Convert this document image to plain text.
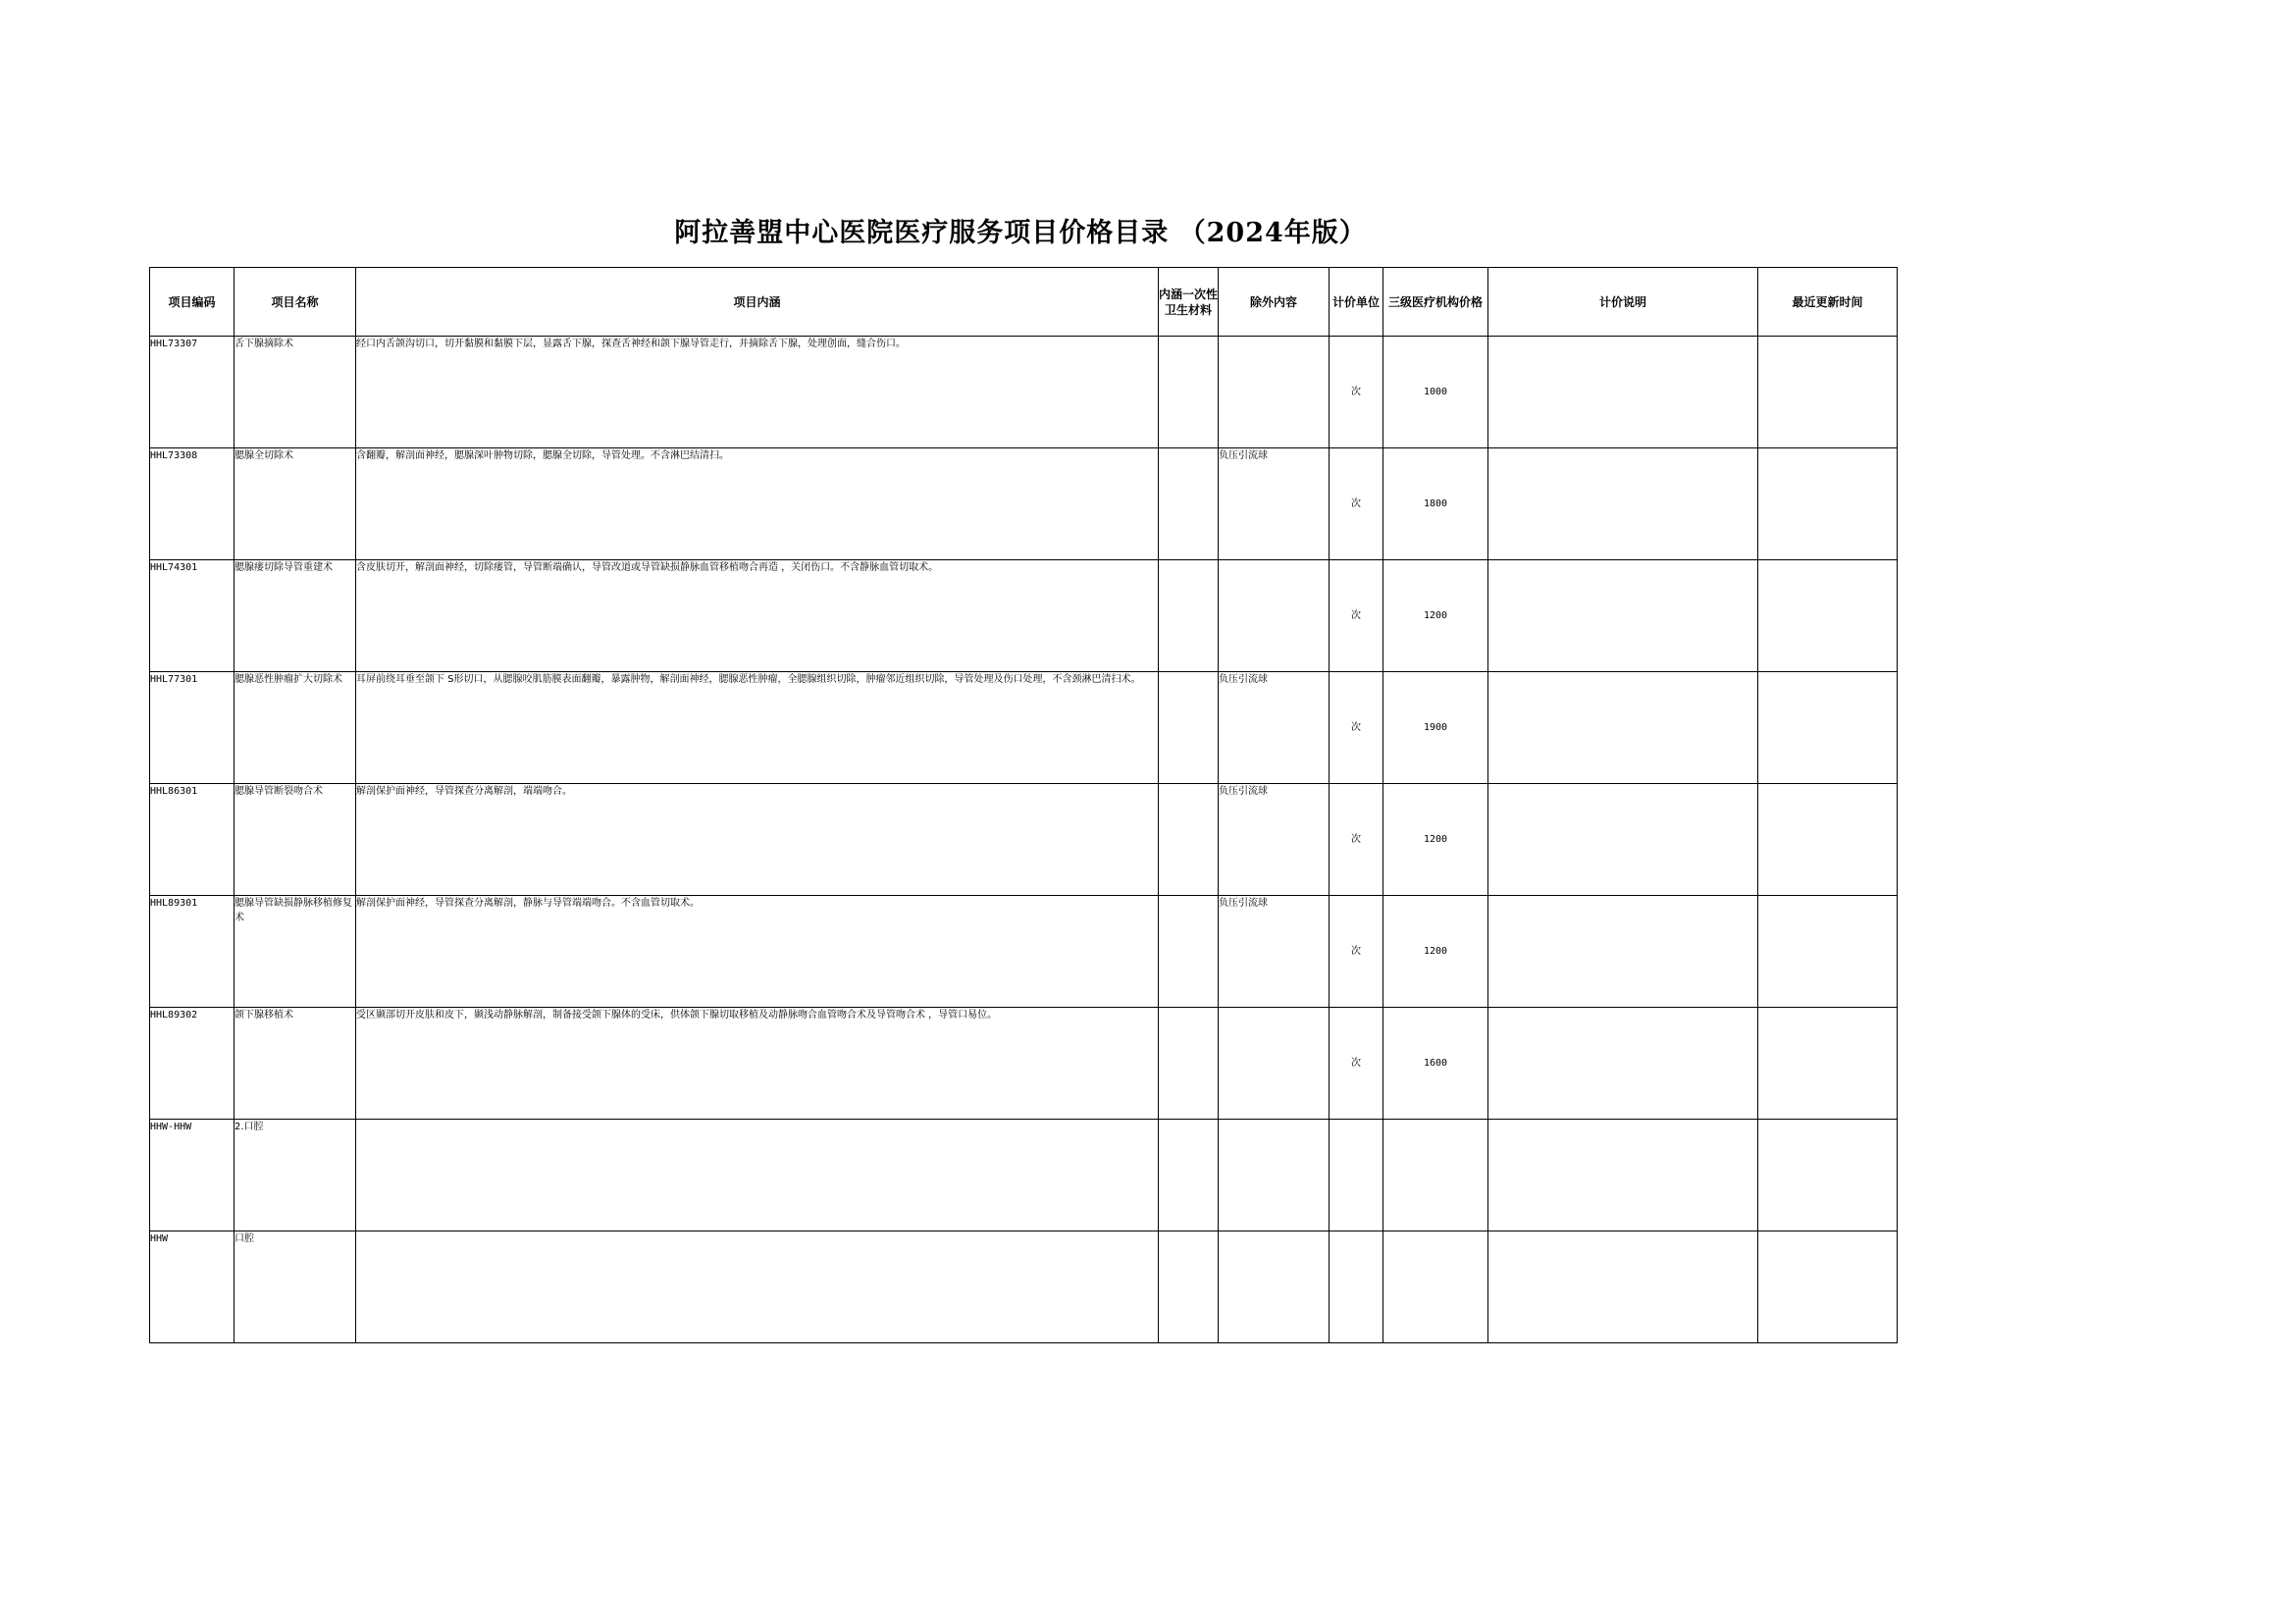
阿拉善盟中心医院医疗服务项目价格目录 （2024年版）
项目编码	项目名称	项目内涵	内涵一次性卫生材料	除外内容	计价单位	三级医疗机构价格	计价说明	最近更新时间
HHL73307	舌下腺摘除术	经口内舌颌沟切口，切开黏膜和黏膜下层，显露舌下腺，探查舌神经和颌下腺导管走行，并摘除舌下腺，处理创面，缝合伤口。			次	1000		
HHL73308	腮腺全切除术	含翻瓣，解剖面神经，腮腺深叶肿物切除，腮腺全切除，导管处理。不含淋巴结清扫。		负压引流球	次	1800		
HHL74301	腮腺瘘切除导管重建术	含皮肤切开，解剖面神经，切除瘘管，导管断端确认，导管改道或导管缺损静脉血管移植吻合再造 ，关闭伤口。不含静脉血管切取术。			次	1200		
HHL77301	腮腺恶性肿瘤扩大切除术	耳屏前绕耳垂至颌下 S形切口，从腮腺咬肌筋膜表面翻瓣，暴露肿物，解剖面神经，腮腺恶性肿瘤，全腮腺组织切除，肿瘤邻近组织切除，导管处理及伤口处理，不含颈淋巴清扫术。		负压引流球	次	1900		
HHL86301	腮腺导管断裂吻合术	解剖保护面神经，导管探查分离解剖，端端吻合。		负压引流球	次	1200		
HHL89301	腮腺导管缺损静脉移植修复术	解剖保护面神经，导管探查分离解剖，静脉与导管端端吻合。不含血管切取术。		负压引流球	次	1200		
HHL89302	颌下腺移植术	受区颞部切开皮肤和皮下，颞浅动静脉解剖，制备接受颌下腺体的受床，供体颌下腺切取移植及动静脉吻合血管吻合术及导管吻合术 ，导管口易位。			次	1600		
HHW-HHW	2.口腔							
HHW	口腔							
